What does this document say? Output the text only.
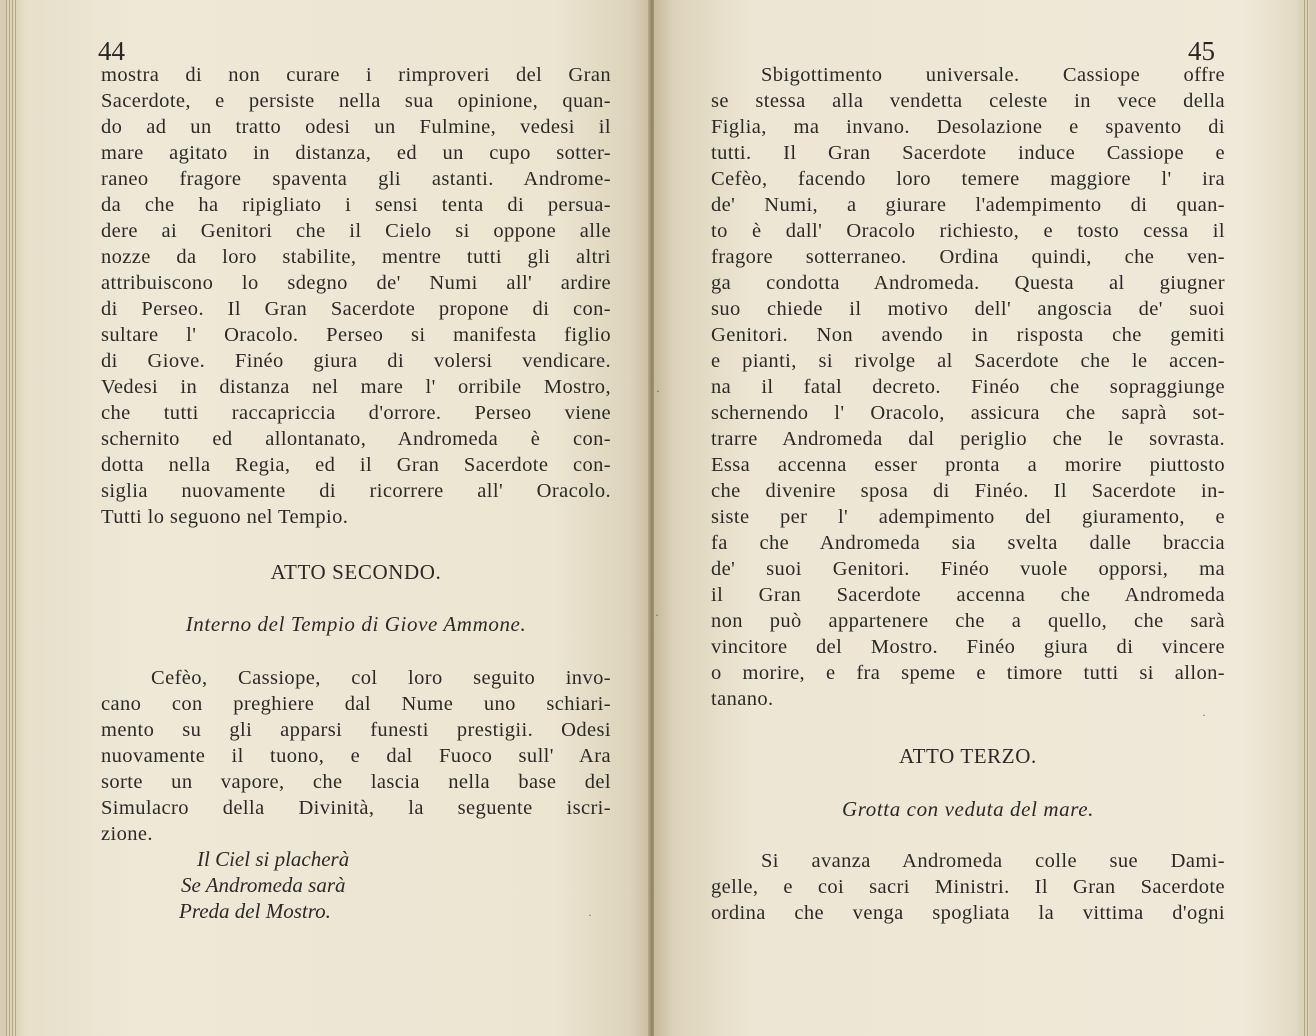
44	45
mostra di non curare i rimproveri del Gran
Sacerdote, e persiste nella sua opinione, quan-
do ad un tratto odesi un Fulmine, vedesi il
mare agitato in distanza, ed un cupo sotter-
raneo fragore spaventa gli astanti. Androme-
da che ha ripigliato i sensi tenta di persua-
dere ai Genitori che il Cielo si oppone alle
nozze da loro stabilite, mentre tutti gli altri
attribuiscono lo sdegno de' Numi all' ardire
di Perseo. Il Gran Sacerdote propone di con-
sultare l' Oracolo. Perseo si manifesta figlio
di Giove. Finéo giura di volersi vendicare.
Vedesi in distanza nel mare l' orribile Mostro,
che tutti raccapriccia d'orrore. Perseo viene
schernito ed allontanato, Andromeda è con-
dotta nella Regia, ed il Gran Sacerdote con-
siglia nuovamente di ricorrere all' Oracolo.
Tutti lo seguono nel Tempio.
ATTO SECONDO.
Interno del Tempio di Giove Ammone.
Cefèo, Cassiope, col loro seguito invo-
cano con preghiere dal Nume uno schiari-
mento su gli apparsi funesti prestigii. Odesi
nuovamente il tuono, e dal Fuoco sull' Ara
sorte un vapore, che lascia nella base del
Simulacro della Divinità, la seguente iscri-
zione.
Il Ciel si placherà
Se Andromeda sarà
Preda del Mostro.
Sbigottimento universale. Cassiope offre
se stessa alla vendetta celeste in vece della
Figlia, ma invano. Desolazione e spavento di
tutti. Il Gran Sacerdote induce Cassiope e
Cefèo, facendo loro temere maggiore l' ira
de' Numi, a giurare l'adempimento di quan-
to è dall' Oracolo richiesto, e tosto cessa il
fragore sotterraneo. Ordina quindi, che ven-
ga condotta Andromeda. Questa al giugner
suo chiede il motivo dell' angoscia de' suoi
Genitori. Non avendo in risposta che gemiti
e pianti, si rivolge al Sacerdote che le accen-
na il fatal decreto. Finéo che sopraggiunge
schernendo l' Oracolo, assicura che saprà sot-
trarre Andromeda dal periglio che le sovrasta.
Essa accenna esser pronta a morire piuttosto
che divenire sposa di Finéo. Il Sacerdote in-
siste per l' adempimento del giuramento, e
fa che Andromeda sia svelta dalle braccia
de' suoi Genitori. Finéo vuole opporsi, ma
il Gran Sacerdote accenna che Andromeda
non può appartenere che a quello, che sarà
vincitore del Mostro. Finéo giura di vincere
o morire, e fra speme e timore tutti si allon-
tanano.
ATTO TERZO.
Grotta con veduta del mare.
Si avanza Andromeda colle sue Dami-
gelle, e coi sacri Ministri. Il Gran Sacerdote
ordina che venga spogliata la vittima d'ogni
·
·
·
·
